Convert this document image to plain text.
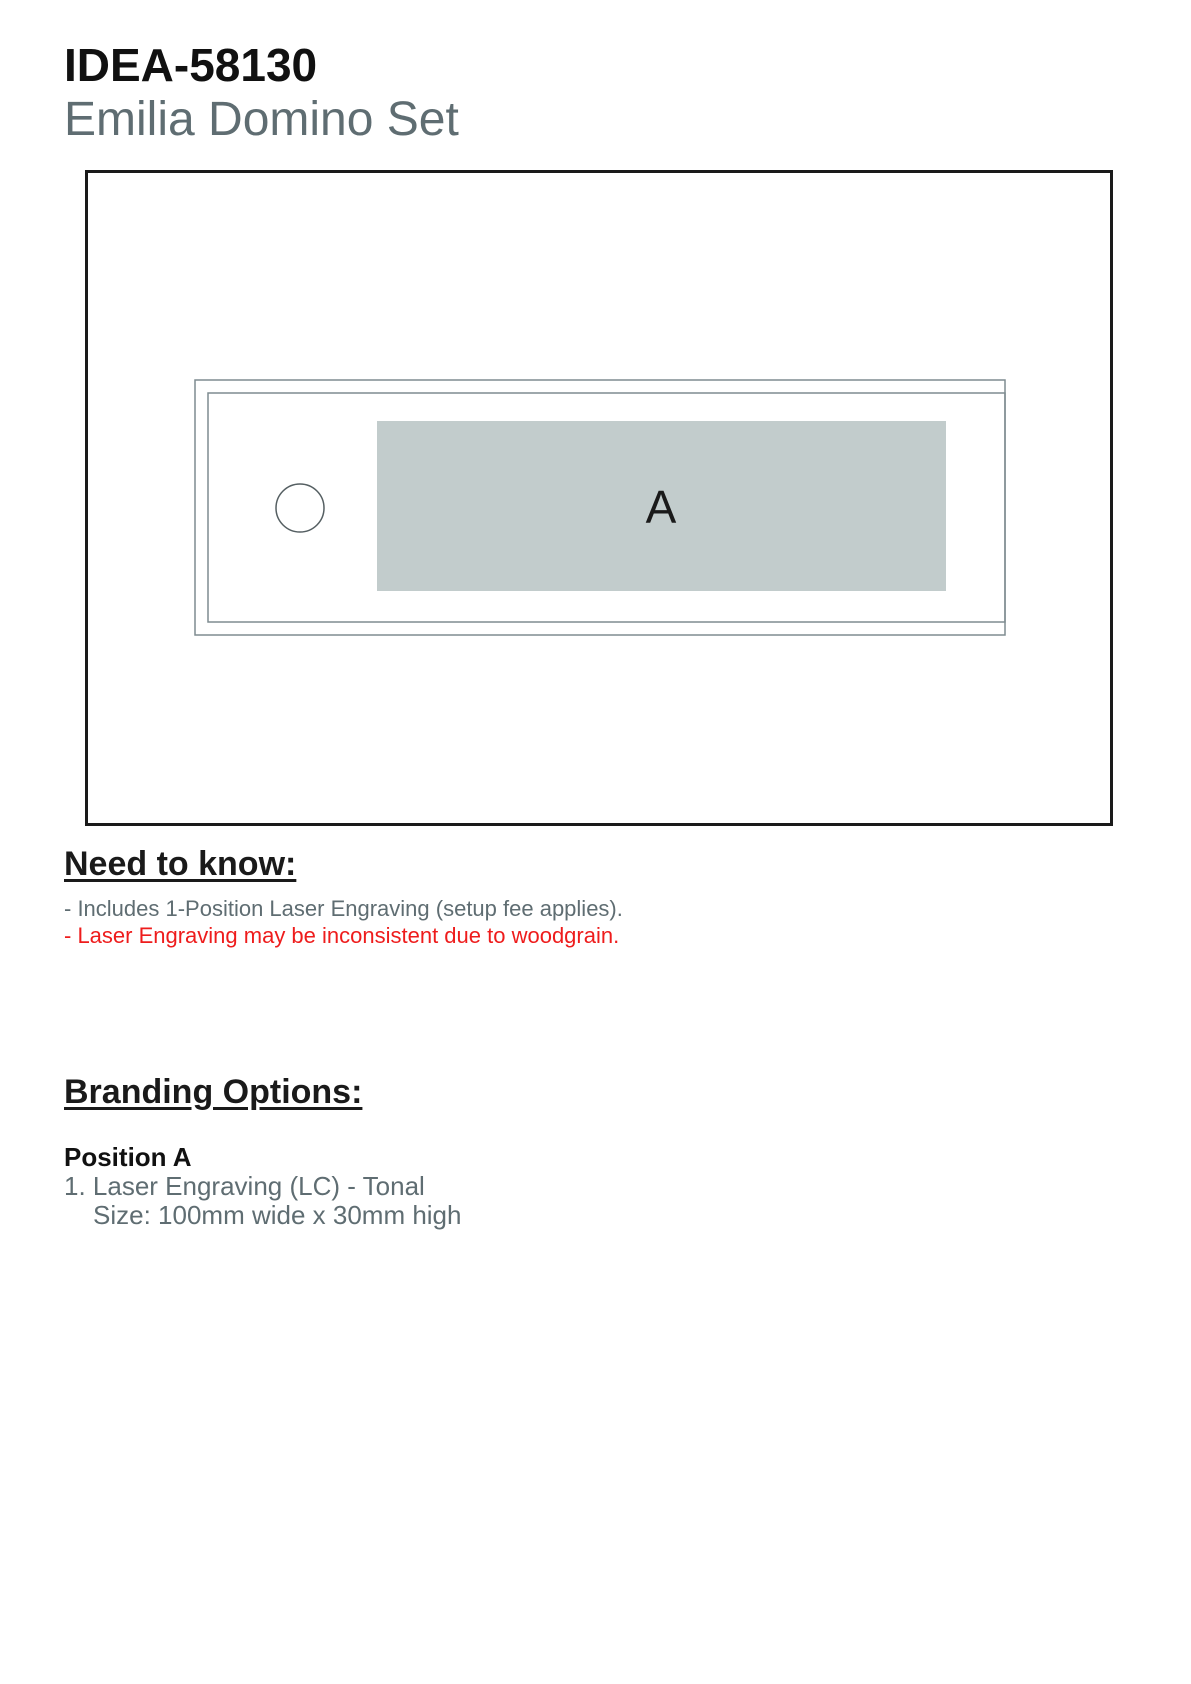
IDEA-58130
Emilia Domino Set
A
Need to know:
- Includes 1-Position Laser Engraving (setup fee applies).
- Laser Engraving may be inconsistent due to woodgrain.
Branding Options:
Position A
1. Laser Engraving (LC) - Tonal
Size: 100mm wide x 30mm high
